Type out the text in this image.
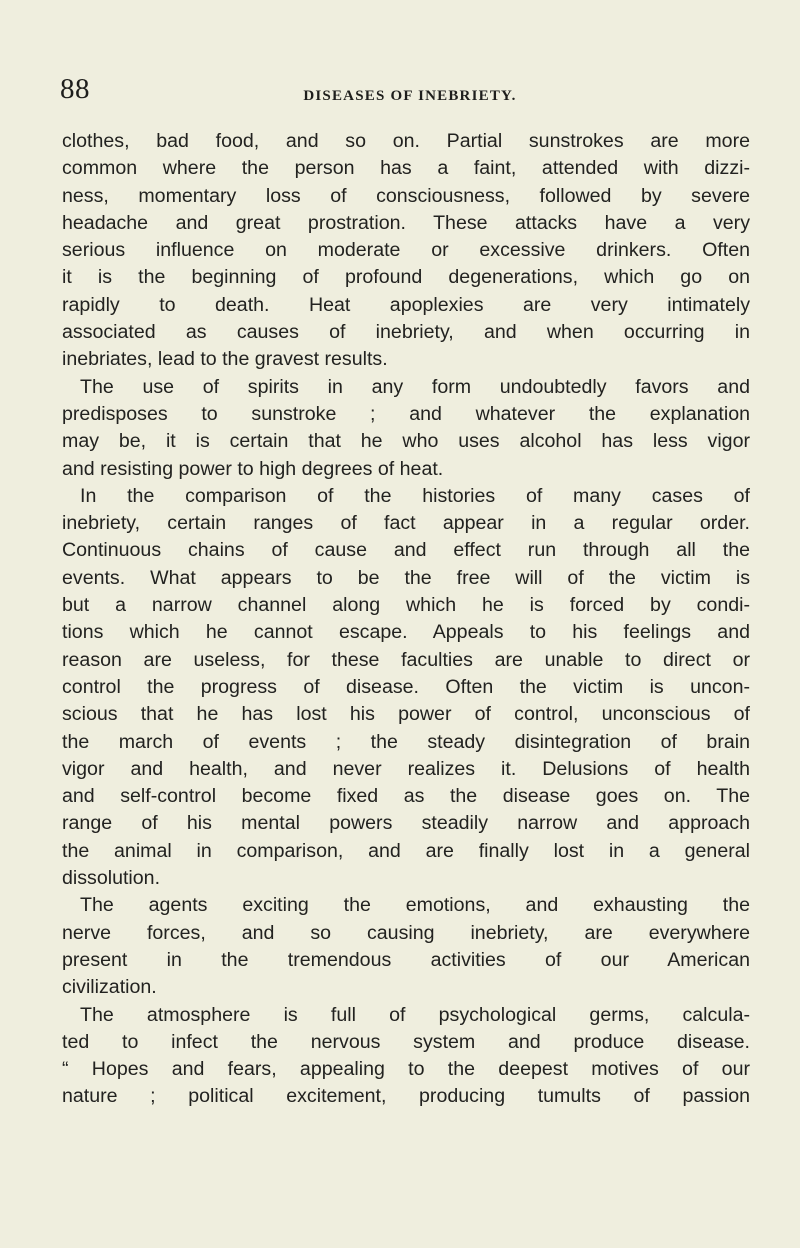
88	DISEASES OF INEBRIETY.
clothes, bad food, and so on. Partial sunstrokes are more
common where the person has a faint, attended with dizzi-
ness, momentary loss of consciousness, followed by severe
headache and great prostration. These attacks have a very
serious influence on moderate or excessive drinkers. Often
it is the beginning of profound degenerations, which go on
rapidly to death. Heat apoplexies are very intimately
associated as causes of inebriety, and when occurring in
inebriates, lead to the gravest results.
The use of spirits in any form undoubtedly favors and
predisposes to sunstroke ; and whatever the explanation
may be, it is certain that he who uses alcohol has less vigor
and resisting power to high degrees of heat.
In the comparison of the histories of many cases of
inebriety, certain ranges of fact appear in a regular order.
Continuous chains of cause and effect run through all the
events. What appears to be the free will of the victim is
but a narrow channel along which he is forced by condi-
tions which he cannot escape. Appeals to his feelings and
reason are useless, for these faculties are unable to direct or
control the progress of disease. Often the victim is uncon-
scious that he has lost his power of control, unconscious of
the march of events ; the steady disintegration of brain
vigor and health, and never realizes it. Delusions of health
and self-control become fixed as the disease goes on. The
range of his mental powers steadily narrow and approach
the animal in comparison, and are finally lost in a general
dissolution.
The agents exciting the emotions, and exhausting the
nerve forces, and so causing inebriety, are everywhere
present in the tremendous activities of our American
civilization.
The atmosphere is full of psychological germs, calcula-
ted to infect the nervous system and produce disease.
“ Hopes and fears, appealing to the deepest motives of our
nature ; political excitement, producing tumults of passion
